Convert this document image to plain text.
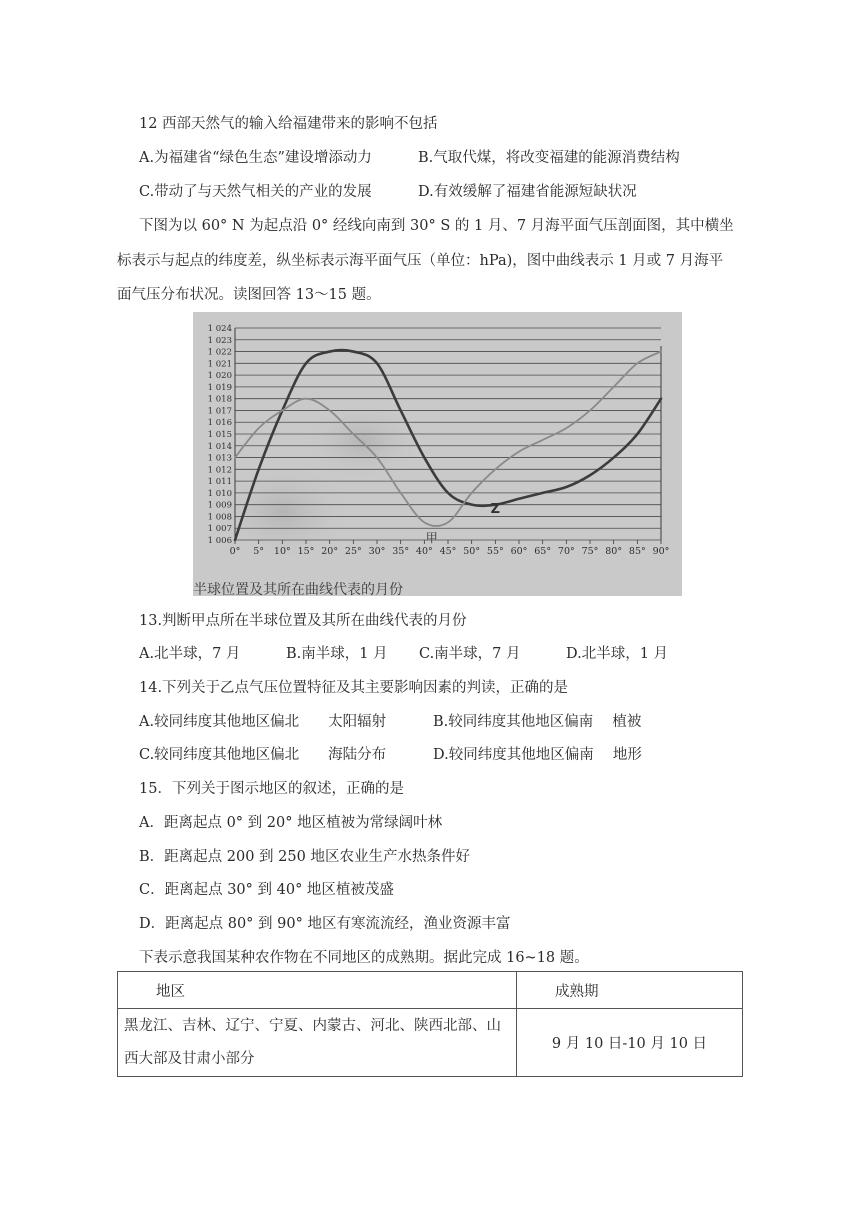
12 西部天然气的输入给福建带来的影响不包括
A.为福建省“绿色生态”建设增添动力	B.气取代煤，将改变福建的能源消费结构
C.带动了与天然气相关的产业的发展	D.有效缓解了福建省能源短缺状况
下图为以 60° N 为起点沿 0° 经线向南到 30° S 的 1 月、7 月海平面气压剖面图，其中横坐
标表示与起点的纬度差，纵坐标表示海平面气压（单位：hPa)，图中曲线表示 1 月或 7 月海平
面气压分布状况。读图回答 13～15 题。
1 024
1 023
1 022
1 021
1 020
1 019
1 018
1 017
1 016
1 015
1 014
1 013
1 012
1 011
1 010
1 009
1 008
1 007
1 006
0° 5° 10° 15° 20° 25° 30° 35° 40° 45° 50° 55° 60° 65° 70° 75° 80° 85° 90°
甲
Z
半球位置及其所在曲线代表的月份
13.判断甲点所在半球位置及其所在曲线代表的月份
A.北半球，7 月	B.南半球，1 月 C.南半球，7 月	D.北半球，1 月
14.下列关于乙点气压位置特征及其主要影响因素的判读，正确的是
A.较同纬度其他地区偏北　　太阳辐射	B.较同纬度其他地区偏南　 植被
C.较同纬度其他地区偏北　　海陆分布	D.较同纬度其他地区偏南　 地形
15．下列关于图示地区的叙述，正确的是
A．距离起点 0° 到 20° 地区植被为常绿阔叶林
B．距离起点 200 到 250 地区农业生产水热条件好
C．距离起点 30° 到 40° 地区植被茂盛
D．距离起点 80° 到 90° 地区有寒流流经，渔业资源丰富
下表示意我国某种农作物在不同地区的成熟期。据此完成 16~18 题。
地区	成熟期
黑龙江、吉林、辽宁、宁夏、内蒙古、河北、陕西北部、山西大部及甘肃小部分	9 月 10 日-10 月 10 日
